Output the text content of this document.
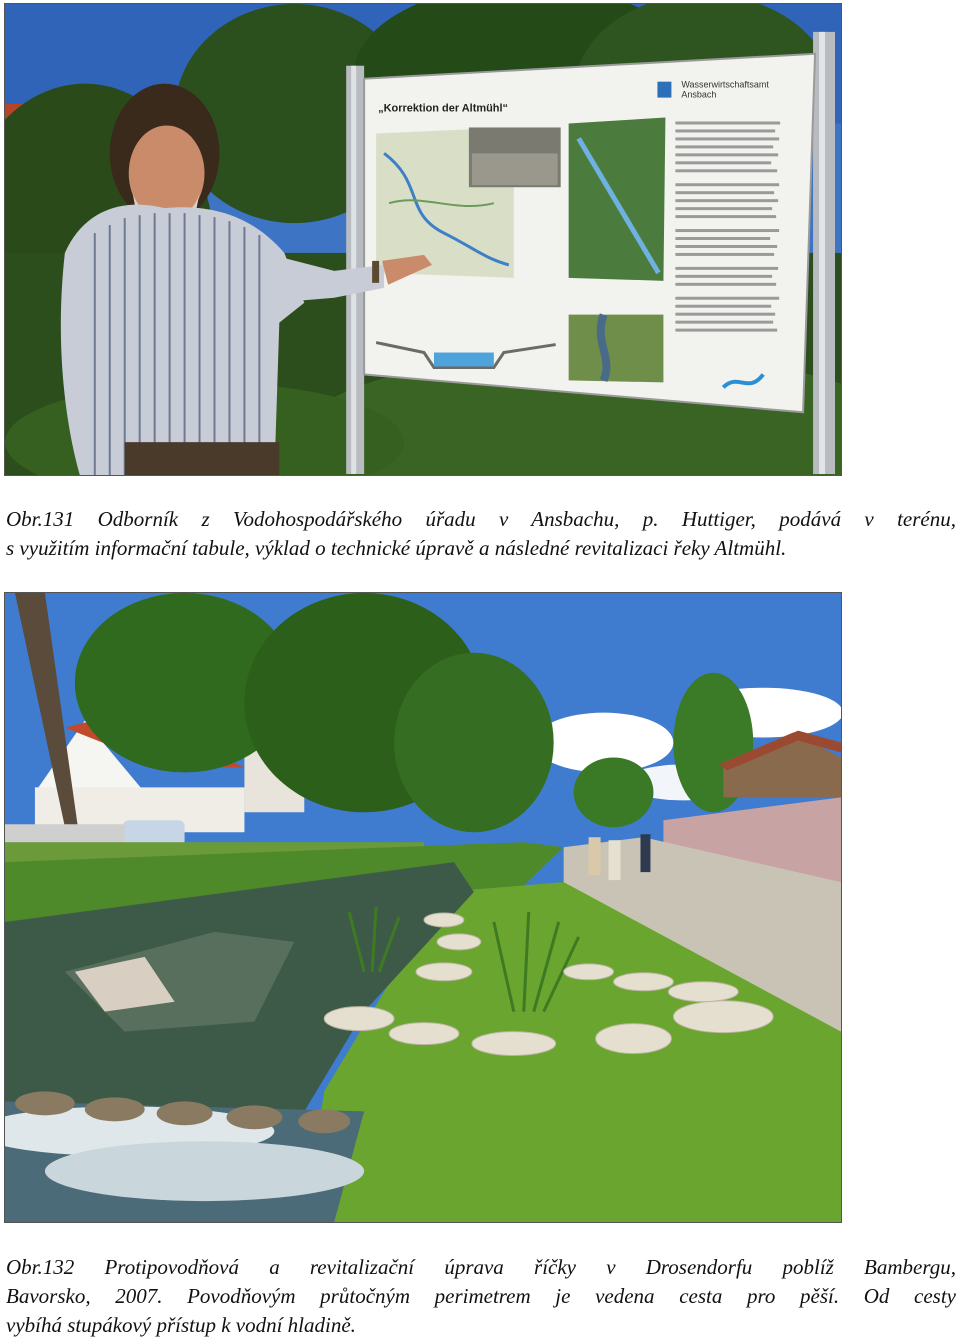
„Korrektion der Altmühl“
Wasserwirtschaftsamt
Ansbach

Obr.131 Odborník z Vodohospodářského úřadu v Ansbachu, p. Huttiger, podává v terénu,
s využitím informační tabule, výklad o technické úpravě a následné revitalizaci řeky Altmühl.

Obr.132 Protipovodňová a revitalizační úprava říčky v Drosendorfu poblíž Bambergu,
Bavorsko, 2007. Povodňovým průtočným perimetrem je vedena cesta pro pěší. Od cesty
vybíhá stupákový přístup k vodní hladině.
